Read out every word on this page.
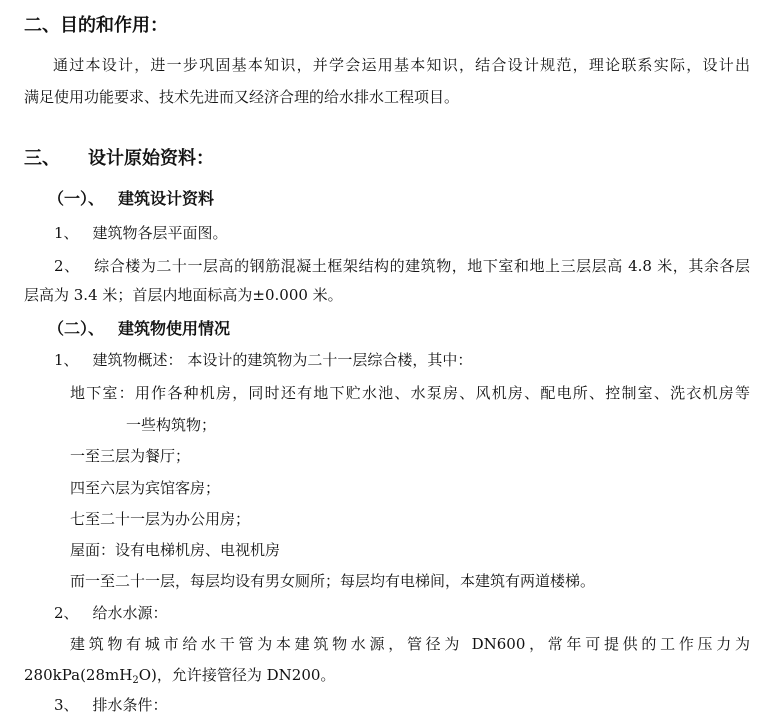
二、目的和作用：
通过本设计，进一步巩固基本知识，并学会运用基本知识，结合设计规范，理论联系实际，设计出
满足使用功能要求、技术先进而又经济合理的给水排水工程项目。
三、 设计原始资料：
（一）、 建筑设计资料
1、 建筑物各层平面图。
2、 综合楼为二十一层高的钢筋混凝土框架结构的建筑物，地下室和地上三层层高 4.8 米，其余各层
层高为 3.4 米；首层内地面标高为±0.000 米。
（二）、 建筑物使用情况
1、 建筑物概述： 本设计的建筑物为二十一层综合楼，其中：
地下室：用作各种机房，同时还有地下贮水池、水泵房、风机房、配电所、控制室、洗衣机房等
一些构筑物；
一至三层为餐厅；
四至六层为宾馆客房；
七至二十一层为办公用房；
屋面：设有电梯机房、电视机房
而一至二十一层，每层均设有男女厕所；每层均有电梯间，本建筑有两道楼梯。
2、 给水水源：
建筑物有城市给水干管为本建筑物水源，管径为 DN600，常年可提供的工作压力为
$280kPa(28mH_2O)$，允许接管径为 DN200。
3、 排水条件：
